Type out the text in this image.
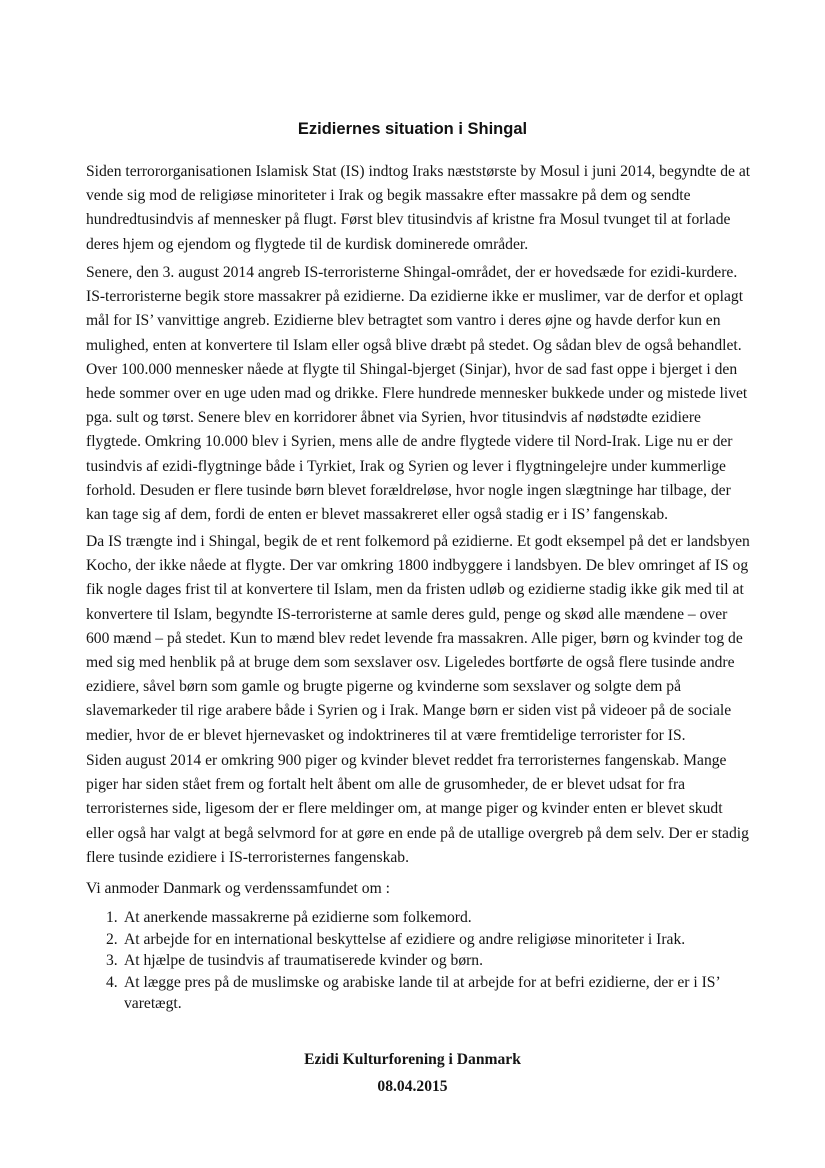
Ezidiernes situation i Shingal

Siden terrororganisationen Islamisk Stat (IS) indtog Iraks næststørste by Mosul i juni 2014, begyndte de at vende sig mod de religiøse minoriteter i Irak og begik massakre efter massakre på dem og sendte hundredtusindvis af mennesker på flugt. Først blev titusindvis af kristne fra Mosul tvunget til at forlade deres hjem og ejendom og flygtede til de kurdisk dominerede områder.

Senere, den 3. august 2014 angreb IS-terroristerne Shingal-området, der er hovedsæde for ezidi-kurdere. IS-terroristerne begik store massakrer på ezidierne. Da ezidierne ikke er muslimer, var de derfor et oplagt mål for IS’ vanvittige angreb. Ezidierne blev betragtet som vantro i deres øjne og havde derfor kun en mulighed, enten at konvertere til Islam eller også blive dræbt på stedet. Og sådan blev de også behandlet. Over 100.000 mennesker nåede at flygte til Shingal-bjerget (Sinjar), hvor de sad fast oppe i bjerget i den hede sommer over en uge uden mad og drikke. Flere hundrede mennesker bukkede under og mistede livet pga. sult og tørst. Senere blev en korridorer åbnet via Syrien, hvor titusindvis af nødstødte ezidiere flygtede. Omkring 10.000 blev i Syrien, mens alle de andre flygtede videre til Nord-Irak. Lige nu er der tusindvis af ezidi-flygtninge både i Tyrkiet, Irak og Syrien og lever i flygtningelejre under kummerlige forhold. Desuden er flere tusinde børn blevet forældreløse, hvor nogle ingen slægtninge har tilbage, der kan tage sig af dem, fordi de enten er blevet massakreret eller også stadig er i IS’ fangenskab.

Da IS trængte ind i Shingal, begik de et rent folkemord på ezidierne. Et godt eksempel på det er landsbyen Kocho, der ikke nåede at flygte. Der var omkring 1800 indbyggere i landsbyen. De blev omringet af IS og fik nogle dages frist til at konvertere til Islam, men da fristen udløb og ezidierne stadig ikke gik med til at konvertere til Islam, begyndte IS-terroristerne at samle deres guld, penge og skød alle mændene – over 600 mænd – på stedet. Kun to mænd blev redet levende fra massakren. Alle piger, børn og kvinder tog de med sig med henblik på at bruge dem som sexslaver osv. Ligeledes bortførte de også flere tusinde andre ezidiere, såvel børn som gamle og brugte pigerne og kvinderne som sexslaver og solgte dem på slavemarkeder til rige arabere både i Syrien og i Irak. Mange børn er siden vist på videoer på de sociale medier, hvor de er blevet hjernevasket og indoktrineres til at være fremtidelige terrorister for IS.

Siden august 2014 er omkring 900 piger og kvinder blevet reddet fra terroristernes fangenskab. Mange piger har siden stået frem og fortalt helt åbent om alle de grusomheder, de er blevet udsat for fra terroristernes side, ligesom der er flere meldinger om, at mange piger og kvinder enten er blevet skudt eller også har valgt at begå selvmord for at gøre en ende på de utallige overgreb på dem selv. Der er stadig flere tusinde ezidiere i IS-terroristernes fangenskab.

Vi anmoder Danmark og verdenssamfundet om :

1. At anerkende massakrerne på ezidierne som folkemord.
2. At arbejde for en international beskyttelse af ezidiere og andre religiøse minoriteter i Irak.
3. At hjælpe de tusindvis af traumatiserede kvinder og børn.
4. At lægge pres på de muslimske og arabiske lande til at arbejde for at befri ezidierne, der er i IS’ varetægt.

Ezidi Kulturforening i Danmark

08.04.2015
